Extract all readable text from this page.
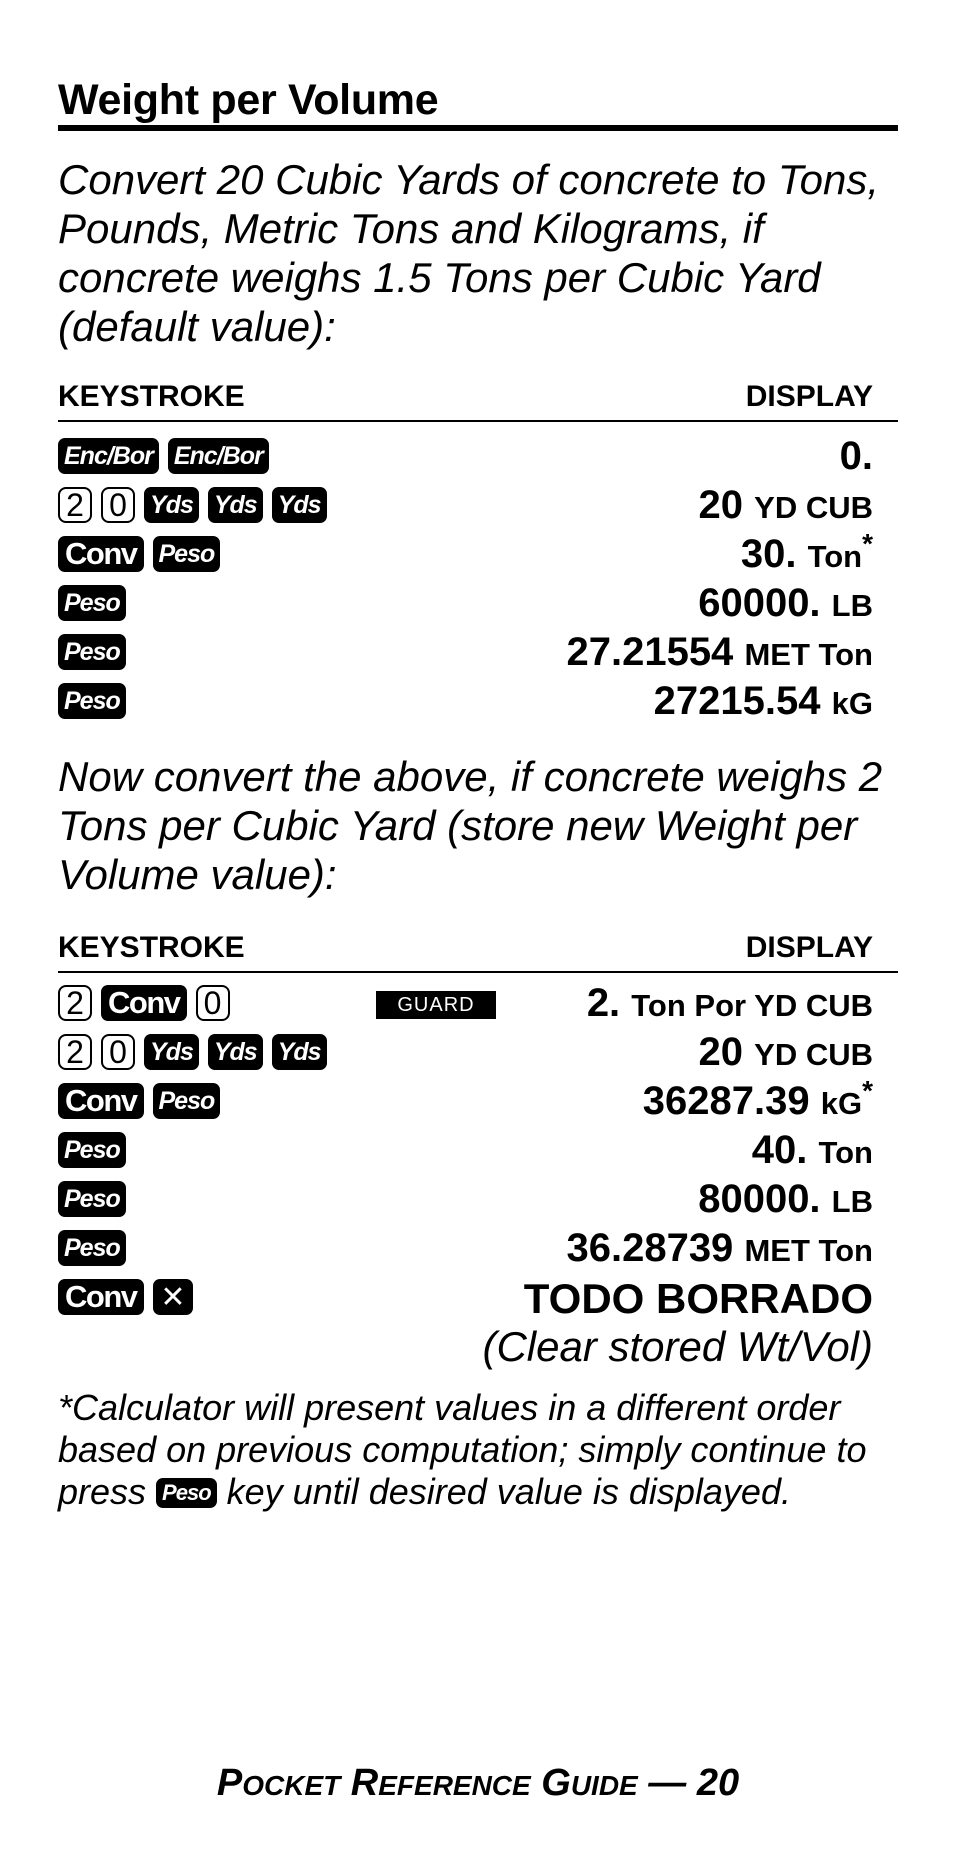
Weight per Volume
Convert 20 Cubic Yards of concrete to Tons, Pounds, Metric Tons and Kilograms, if concrete weighs 1.5 Tons per Cubic Yard (default value):
KEYSTROKE	DISPLAY
Enc/Bor Enc/Bor	0.
2 0 Yds Yds Yds	20 YD CUB
Conv Peso	30. Ton*
Peso	60000. LB
Peso	27.21554 MET Ton
Peso	27215.54 kG
Now convert the above, if concrete weighs 2 Tons per Cubic Yard (store new Weight per Volume value):
KEYSTROKE	DISPLAY
2 Conv 0	GUARD	2. Ton Por YD CUB
2 0 Yds Yds Yds	20 YD CUB
Conv Peso	36287.39 kG*
Peso	40. Ton
Peso	80000. LB
Peso	36.28739 MET Ton
Conv ✕	TODO BORRADO
(Clear stored Wt/Vol)
*Calculator will present values in a different order based on previous computation; simply continue to press Peso key until desired value is displayed.
POCKET REFERENCE GUIDE — 20
